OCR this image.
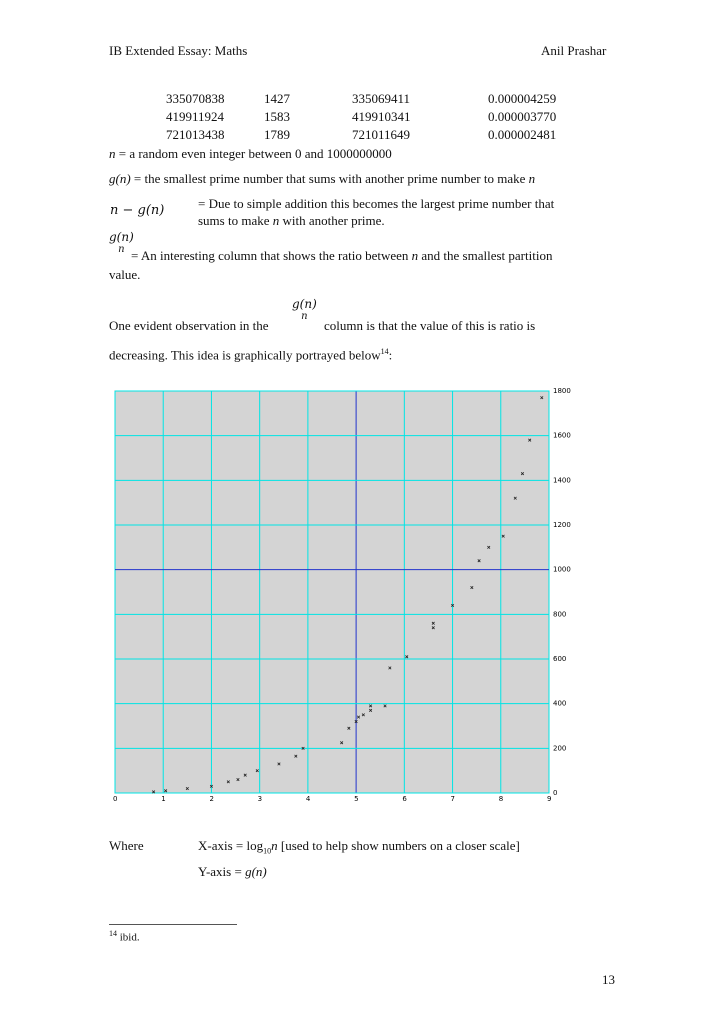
IB Extended Essay: Maths	Anil Prashar
335070838	1427	335069411	0.000004259
419911924	1583	419910341	0.000003770
721013438	1789	721011649	0.000002481
n = a random even integer between 0 and 1000000000
g(n) = the smallest prime number that sums with another prime number to make n
n − g(n)	= Due to simple addition this becomes the largest prime number that
sums to make n with another prime.
g(n)
n = An interesting column that shows the ratio between n and the smallest partition
value.
One evident observation in the
g(n)
n
column is that the value of this is ratio is
decreasing. This idea is graphically portrayed below$^{14}$:
0	1	2	3	4	5	6	7	8	9
0
200
400
600
800
1000
1200
1400
1600
1800
Where	X-axis = $\log_{10}n$ [used to help show numbers on a closer scale]
Y-axis = g(n)
$^{14}$ ibid.
13
